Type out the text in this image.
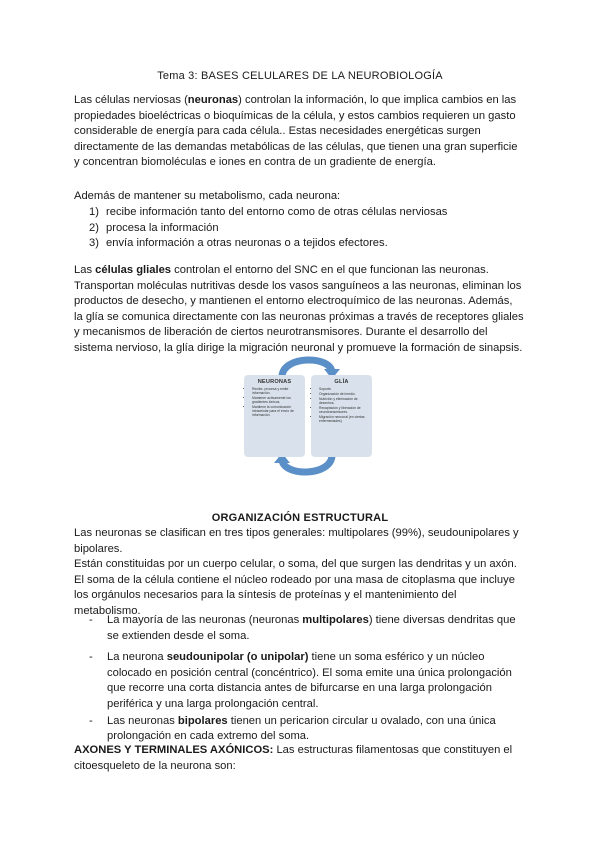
Tema 3: BASES CELULARES DE LA NEUROBIOLOGÍA

Las células nerviosas (neuronas) controlan la información, lo que implica cambios en las propiedades bioeléctricas o bioquímicas de la célula, y estos cambios requieren un gasto considerable de energía para cada célula.. Estas necesidades energéticas surgen directamente de las demandas metabólicas de las células, que tienen una gran superficie y concentran biomoléculas e iones en contra de un gradiente de energía.

Además de mantener su metabolismo, cada neurona:

1) recibe información tanto del entorno como de otras células nerviosas
2) procesa la información
3) envía información a otras neuronas o a tejidos efectores.

Las células gliales controlan el entorno del SNC en el que funcionan las neuronas. Transportan moléculas nutritivas desde los vasos sanguíneos a las neuronas, eliminan los productos de desecho, y mantienen el entorno electroquímico de las neuronas. Además, la glía se comunica directamente con las neuronas próximas a través de receptores gliales y mecanismos de liberación de ciertos neurotransmisores. Durante el desarrollo del sistema nervioso, la glía dirige la migración neuronal y promueve la formación de sinapsis.

NEURONAS
• Recibe, procesa y emite información.
• Mantener activamente los gradientes iónicos.
• Mantiene la comunicación intracelular para el envío de información.
GLÍA
• Soporte.
• Organización del medio.
• Nutrición y eliminación de desechos.
• Recaptación y liberación de neurotransmisores.
• Migración neuronal (en ciertas enfermedades)
ORGANIZACIÓN ESTRUCTURAL

Las neuronas se clasifican en tres tipos generales: multipolares (99%), seudounipolares y bipolares.

Están constituidas por un cuerpo celular, o soma, del que surgen las dendritas y un axón. El soma de la célula contiene el núcleo rodeado por una masa de citoplasma que incluye los orgánulos necesarios para la síntesis de proteínas y el mantenimiento del metabolismo.

- La mayoría de las neuronas (neuronas multipolares) tiene diversas dendritas que se extienden desde el soma.
- La neurona seudounipolar (o unipolar) tiene un soma esférico y un núcleo colocado en posición central (concéntrico). El soma emite una única prolongación que recorre una corta distancia antes de bifurcarse en una larga prolongación periférica y una larga prolongación central.
- Las neuronas bipolares tienen un pericarion circular u ovalado, con una única prolongación en cada extremo del soma.

AXONES Y TERMINALES AXÓNICOS: Las estructuras filamentosas que constituyen el citoesqueleto de la neurona son:
